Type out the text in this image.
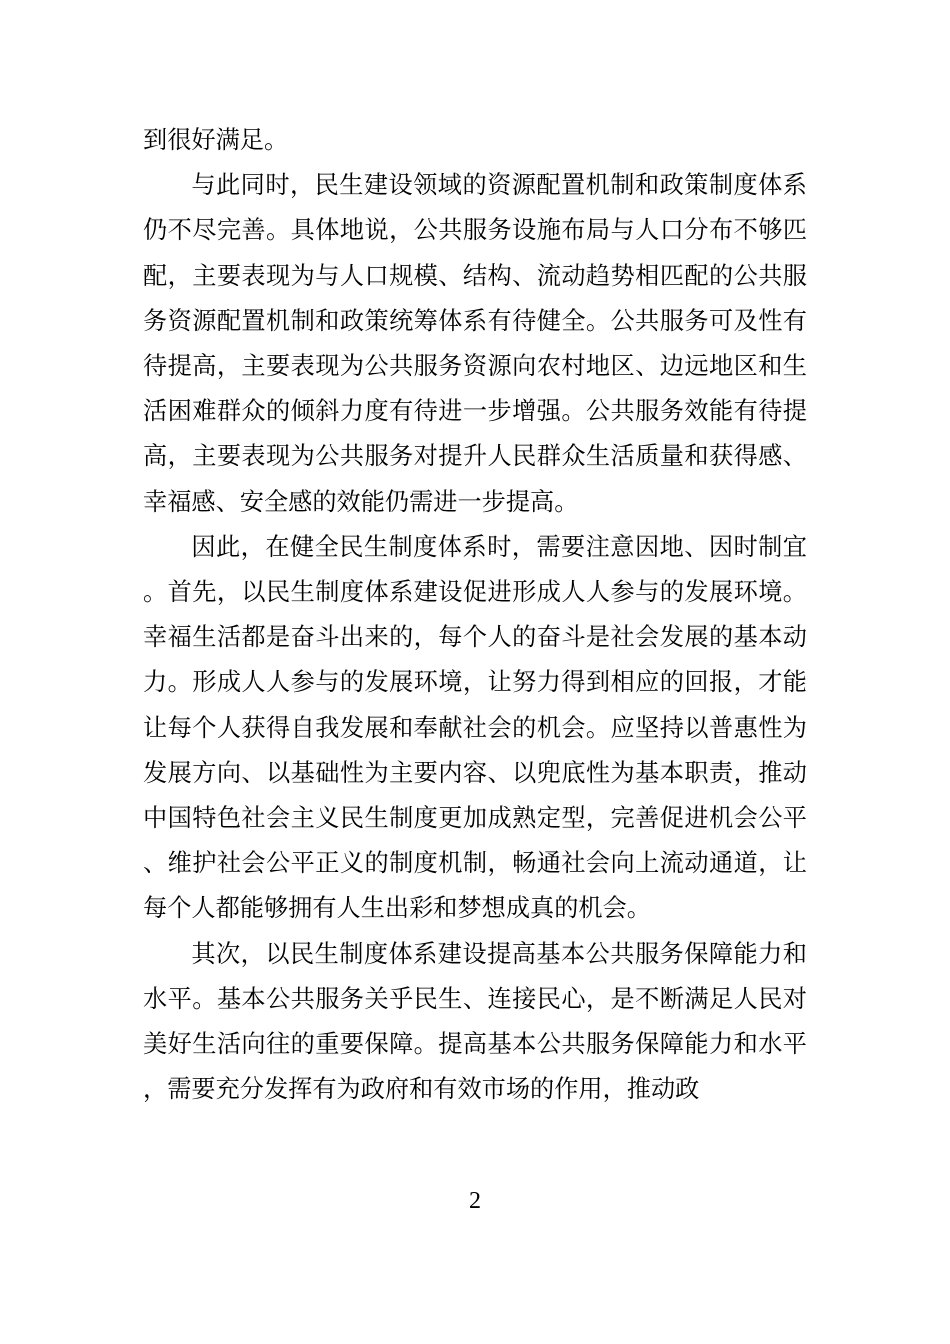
到很好满足。

与此同时，民生建设领域的资源配置机制和政策制度体系仍不尽完善。具体地说，公共服务设施布局与人口分布不够匹配，主要表现为与人口规模、结构、流动趋势相匹配的公共服务资源配置机制和政策统筹体系有待健全。公共服务可及性有待提高，主要表现为公共服务资源向农村地区、边远地区和生活困难群众的倾斜力度有待进一步增强。公共服务效能有待提高，主要表现为公共服务对提升人民群众生活质量和获得感、幸福感、安全感的效能仍需进一步提高。

因此，在健全民生制度体系时，需要注意因地、因时制宜。首先，以民生制度体系建设促进形成人人参与的发展环境。幸福生活都是奋斗出来的，每个人的奋斗是社会发展的基本动力。形成人人参与的发展环境，让努力得到相应的回报，才能让每个人获得自我发展和奉献社会的机会。应坚持以普惠性为发展方向、以基础性为主要内容、以兜底性为基本职责，推动中国特色社会主义民生制度更加成熟定型，完善促进机会公平、维护社会公平正义的制度机制，畅通社会向上流动通道，让每个人都能够拥有人生出彩和梦想成真的机会。

其次，以民生制度体系建设提高基本公共服务保障能力和水平。基本公共服务关乎民生、连接民心，是不断满足人民对美好生活向往的重要保障。提高基本公共服务保障能力和水平，需要充分发挥有为政府和有效市场的作用，推动政

2
